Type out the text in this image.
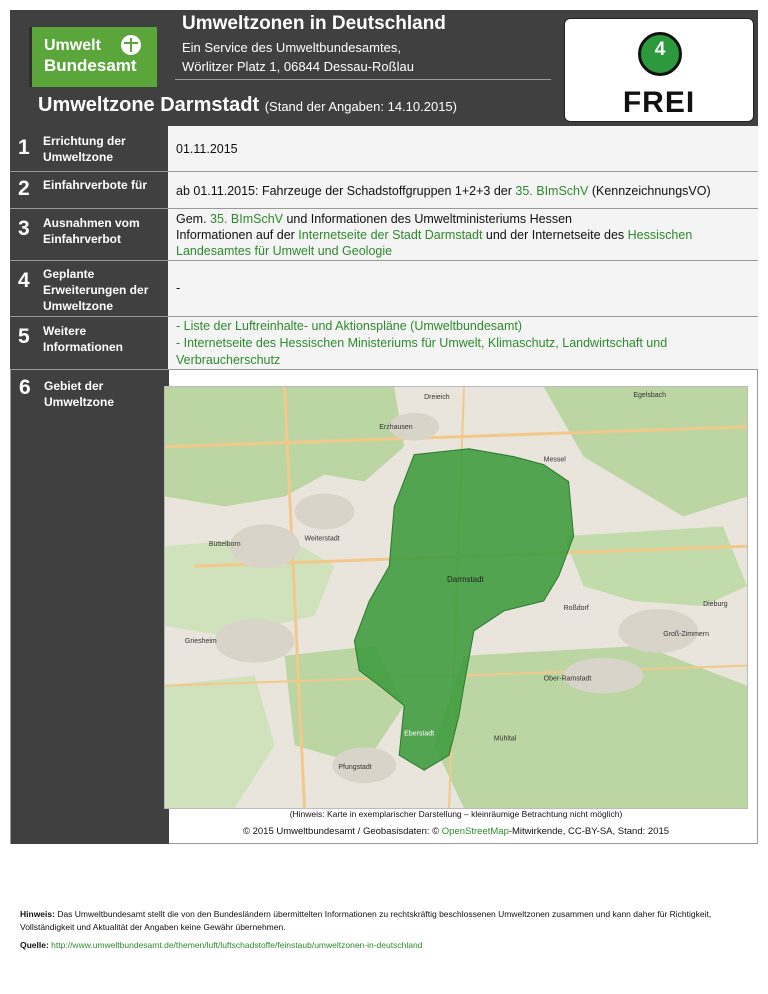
Umwelt
Bundesamt
Umweltzonen in Deutschland
Ein Service des Umweltbundesamtes,
Wörlitzer Platz 1, 06844 Dessau-Roßlau
Umweltzone Darmstadt (Stand der Angaben: 14.10.2015)
4
FREI
1 Errichtung der Umweltzone
01.11.2015
2 Einfahrverbote für	ab 01.11.2015: Fahrzeuge der Schadstoffgruppen 1+2+3 der 35. BImSchV (KennzeichnungsVO)
3 Ausnahmen vom Einfahrverbot
Gem. 35. BImSchV und Informationen des Umweltministeriums Hessen
Informationen auf der Internetseite der Stadt Darmstadt und der Internetseite des Hessischen Landesamtes für Umwelt und Geologie
4 Geplante Erweiterungen der Umweltzone
-
5 Weitere Informationen
- Liste der Luftreinhalte- und Aktionspläne (Umweltbundesamt)
- Internetseite des Hessischen Ministeriums für Umwelt, Klimaschutz, Landwirtschaft und Verbraucherschutz
6 Gebiet der Umweltzone
Darmstadt
Erzhausen
Weiterstadt
Büttelborn
Griesheim
Roßdorf
Dieburg
Groß-Zimmern
Ober-Ramstadt
Eberstadt
Pfungstadt
Mühltal
Messel
Egelsbach
Dreieich
(Hinweis: Karte in exemplarischer Darstellung – kleinräumige Betrachtung nicht möglich)
© 2015 Umweltbundesamt / Geobasisdaten: © OpenStreetMap-Mitwirkende, CC-BY-SA, Stand: 2015
Hinweis: Das Umweltbundesamt stellt die von den Bundesländern übermittelten Informationen zu rechtskräftig beschlossenen Umweltzonen zusammen und kann daher für Richtigkeit, Vollständigkeit und Aktualität der Angaben keine Gewähr übernehmen.
Quelle: http://www.umweltbundesamt.de/themen/luft/luftschadstoffe/feinstaub/umweltzonen-in-deutschland
